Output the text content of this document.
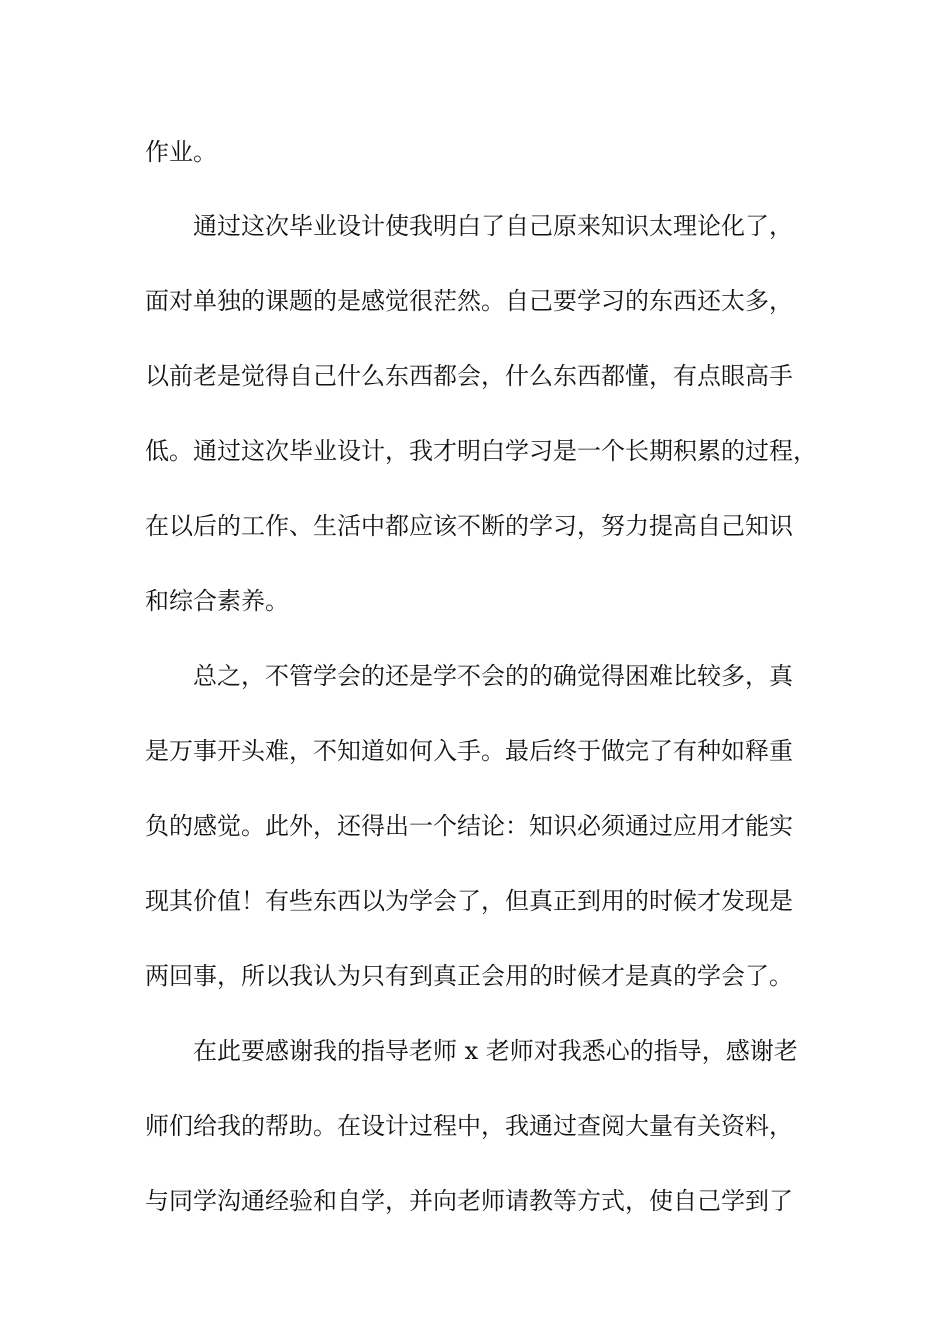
作业。

　　通过这次毕业设计使我明白了自己原来知识太理论化了，

面对单独的课题的是感觉很茫然。自己要学习的东西还太多，

以前老是觉得自己什么东西都会，什么东西都懂，有点眼高手

低。通过这次毕业设计，我才明白学习是一个长期积累的过程，

在以后的工作、生活中都应该不断的学习，努力提高自己知识

和综合素养。

　　总之，不管学会的还是学不会的的确觉得困难比较多，真

是万事开头难，不知道如何入手。最后终于做完了有种如释重

负的感觉。此外，还得出一个结论：知识必须通过应用才能实

现其价值！有些东西以为学会了，但真正到用的时候才发现是

两回事，所以我认为只有到真正会用的时候才是真的学会了。

　　在此要感谢我的指导老师 x 老师对我悉心的指导，感谢老

师们给我的帮助。在设计过程中，我通过查阅大量有关资料，

与同学沟通经验和自学，并向老师请教等方式，使自己学到了
